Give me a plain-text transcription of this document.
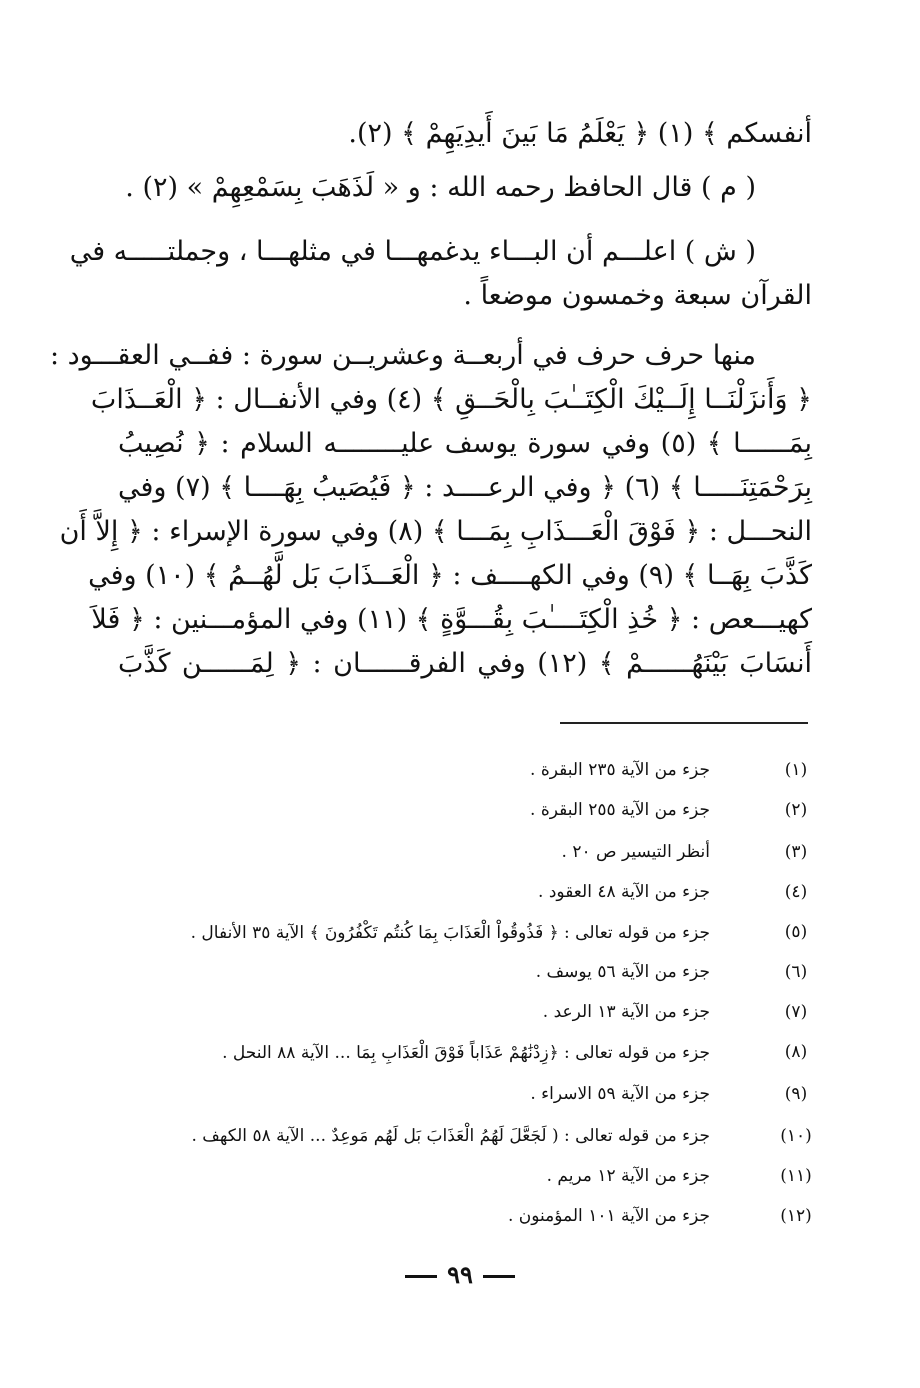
أنفسكم ﴾ (١) ﴿ يَعْلَمُ مَا بَينَ أَيدِيَهِمْ ﴾ (٢).
( م ) قال الحافظ رحمه الله : و « لَذَهَبَ بِسَمْعِهِمْ » (٢) .
( ش ) اعلـــم أن البـــاء يدغمهـــا في مثلهـــا ، وجملتـــــه في
القرآن سبعة وخمسون موضعاً .
منها حرف حرف في أربعــة وعشريــن سورة : ففــي العقـــود :
﴿ وَأَنزَلْنَــا إِلَــيْكَ الْكِتَــٰبَ بِالْحَــقِ ﴾ (٤) وفي الأنفــال : ﴿ الْعَــذَابَ
بِمَــــــا ﴾ (٥) وفي سورة يوسف عليــــــــه السلام : ﴿ نُصِيبُ
بِرَحْمَتِنَـــــا ﴾ (٦) ﴿ وفي الرعــــد : ﴿ فَيُصَيبُ بِهَــــا ﴾ (٧) وفي
النحـــل : ﴿ فَوْقَ الْعَـــذَابِ بِمَـــا ﴾ (٨) وفي سورة الإسراء : ﴿ إِلاَّ أَن
كَذَّبَ بِهَــا ﴾ (٩) وفي الكهــــف : ﴿ الْعَــذَابَ بَل لَّهُــمُ ﴾ (١٠) وفي
كهيـــعص : ﴿ خُذِ الْكِتَــــٰبَ بِقُـــوَّةٍ ﴾ (١١) وفي المؤمـــنين : ﴿ فَلاَ
أَنسَابَ بَيْنَهُــــــمْ ﴾ (١٢) وفي الفرقــــــان : ﴿ لِمَــــــن كَذَّبَ
(١)
جزء من الآية ٢٣٥ البقرة .
(٢)
جزء من الآية ٢٥٥ البقرة .
(٣)
أنظر التيسير ص ٢٠ .
(٤)
جزء من الآية ٤٨ العقود .
(٥)
جزء من قوله تعالى : ﴿ فَذُوقُواْ الْعَذَابَ بِمَا كُنتُم تَكْفُرُونَ ﴾ الآية ٣٥ الأنفال .
(٦)
جزء من الآية ٥٦ يوسف .
(٧)
جزء من الآية ١٣ الرعد .
(٨)
جزء من قوله تعالى : ﴿زِدْنَٰهُمْ عَذَاباً فَوْقَ الْعَذَابِ بِمَا ... الآية ٨٨ النحل .
(٩)
جزء من الآية ٥٩ الاسراء .
(١٠)
جزء من قوله تعالى : ( لَجَعَّلَ لَهُمُ الْعَذَابَ بَل لَهُم مَوعِدٌ ... الآية ٥٨ الكهف .
(١١)
جزء من الآية ١٢ مريم .
(١٢)
جزء من الآية ١٠١ المؤمنون .
٩٩
